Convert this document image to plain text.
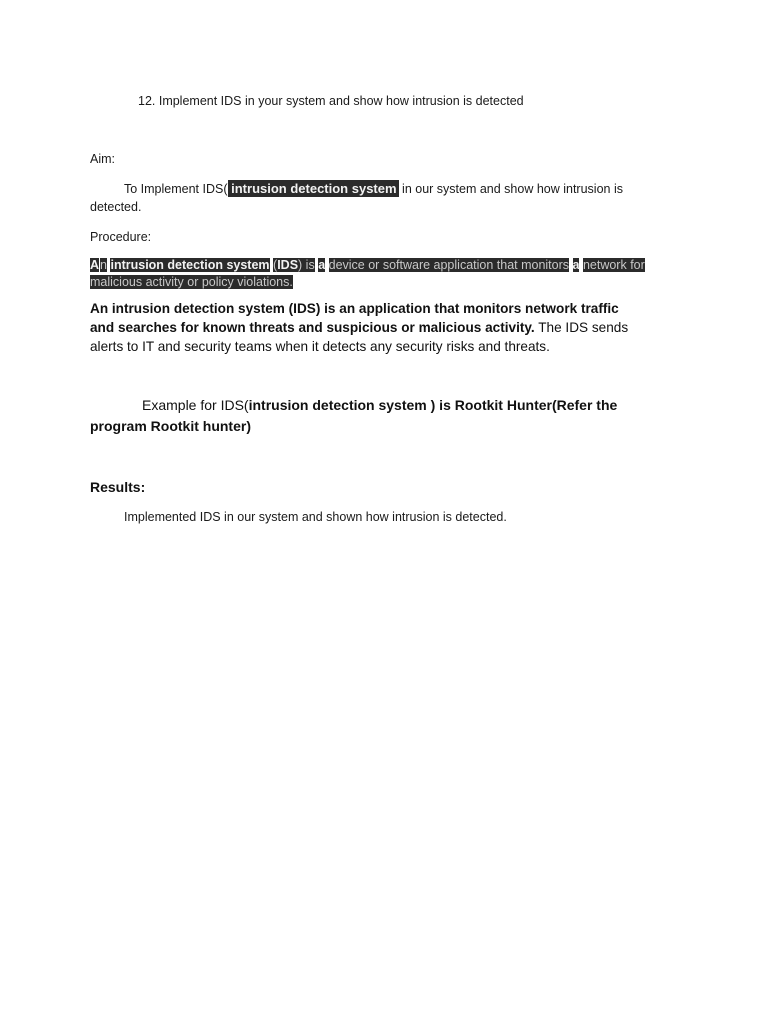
12. Implement IDS in your system and show how intrusion is detected
Aim:
To Implement IDS( intrusion detection system in our system and show how intrusion is
detected.
Procedure:
An intrusion detection system (IDS) is a device or software application that monitors a network for
malicious activity or policy violations.
An intrusion detection system (IDS) is an application that monitors network traffic
and searches for known threats and suspicious or malicious activity. The IDS sends
alerts to IT and security teams when it detects any security risks and threats.
Example for IDS(intrusion detection system ) is Rootkit Hunter(Refer the
program Rootkit hunter)
Results:
Implemented IDS in our system and shown how intrusion is detected.
